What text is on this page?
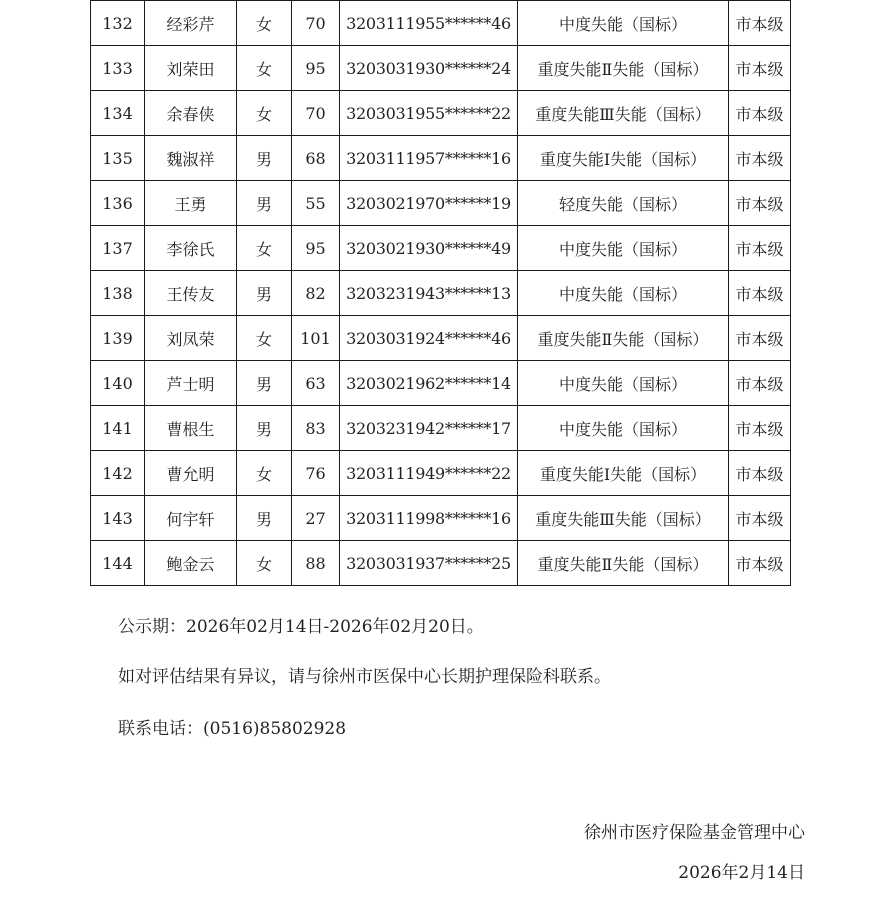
132	经彩芹	女	70	3203111955******46	中度失能（国标）	市本级
133	刘荣田	女	95	3203031930******24	重度失能Ⅱ失能（国标）	市本级
134	余春侠	女	70	3203031955******22	重度失能Ⅲ失能（国标）	市本级
135	魏淑祥	男	68	3203111957******16	重度失能Ⅰ失能（国标）	市本级
136	王勇	男	55	3203021970******19	轻度失能（国标）	市本级
137	李徐氏	女	95	3203021930******49	中度失能（国标）	市本级
138	王传友	男	82	3203231943******13	中度失能（国标）	市本级
139	刘凤荣	女	101	3203031924******46	重度失能Ⅱ失能（国标）	市本级
140	芦士明	男	63	3203021962******14	中度失能（国标）	市本级
141	曹根生	男	83	3203231942******17	中度失能（国标）	市本级
142	曹允明	女	76	3203111949******22	重度失能Ⅰ失能（国标）	市本级
143	何宇轩	男	27	3203111998******16	重度失能Ⅲ失能（国标）	市本级
144	鲍金云	女	88	3203031937******25	重度失能Ⅱ失能（国标）	市本级
公示期：2026年02月14日-2026年02月20日。
如对评估结果有异议，请与徐州市医保中心长期护理保险科联系。
联系电话：(0516)85802928
徐州市医疗保险基金管理中心
2026年2月14日
